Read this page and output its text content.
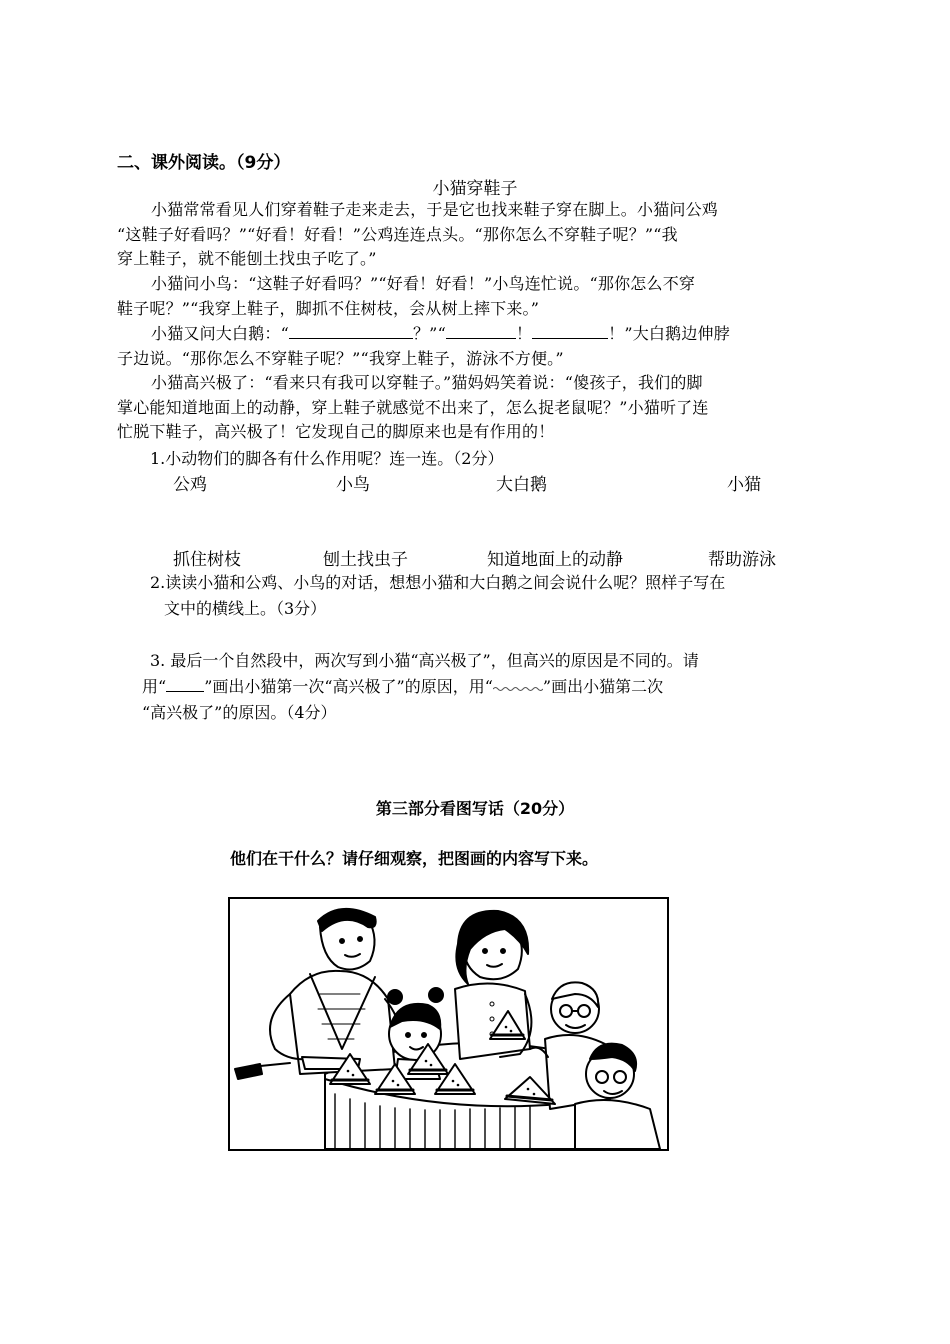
二、课外阅读。（9分）
小猫穿鞋子
小猫常常看见人们穿着鞋子走来走去，于是它也找来鞋子穿在脚上。小猫问公鸡
“这鞋子好看吗？”“好看！好看！”公鸡连连点头。“那你怎么不穿鞋子呢？”“我
穿上鞋子，就不能刨土找虫子吃了。”
小猫问小鸟：“这鞋子好看吗？”“好看！好看！”小鸟连忙说。“那你怎么不穿
鞋子呢？”“我穿上鞋子，脚抓不住树枝，会从树上摔下来。”
小猫又问大白鹅：“	？”“	！	！”大白鹅边伸脖
子边说。“那你怎么不穿鞋子呢？”“我穿上鞋子，游泳不方便。”
小猫高兴极了：“看来只有我可以穿鞋子。”猫妈妈笑着说：“傻孩子，我们的脚
掌心能知道地面上的动静，穿上鞋子就感觉不出来了，怎么捉老鼠呢？”小猫听了连
忙脱下鞋子，高兴极了！它发现自己的脚原来也是有作用的！
1.小动物们的脚各有什么作用呢？连一连。（2分）
公鸡	小鸟	大白鹅	小猫
抓住树枝	刨土找虫子	知道地面上的动静	帮助游泳
2.读读小猫和公鸡、小鸟的对话，想想小猫和大白鹅之间会说什么呢？照样子写在
文中的横线上。（3分）
3. 最后一个自然段中，两次写到小猫“高兴极了”，但高兴的原因是不同的。请
用“ ”画出小猫第一次“高兴极了”的原因，用“	”画出小猫第二次
“高兴极了”的原因。（4分）
第三部分看图写话（20分）
他们在干什么？请仔细观察，把图画的内容写下来。
